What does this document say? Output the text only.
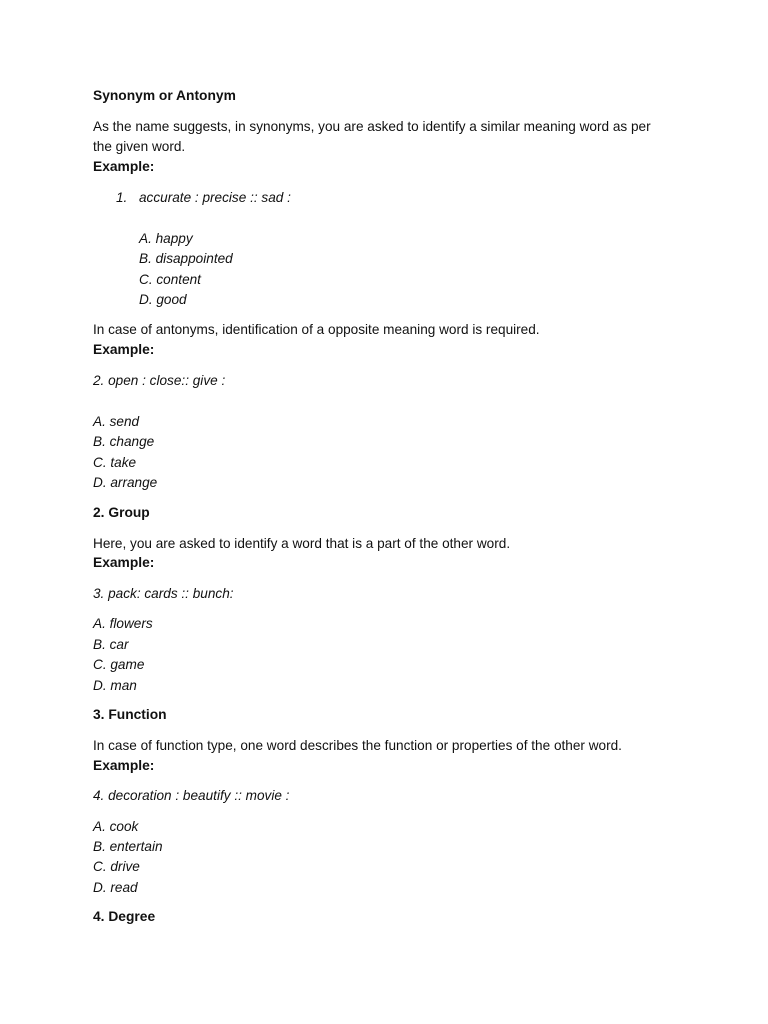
Synonym or Antonym
As the name suggests, in synonyms, you are asked to identify a similar meaning word as per
the given word.
Example:
1. accurate : precise :: sad :
A. happy
B. disappointed
C. content
D. good
In case of antonyms, identification of a opposite meaning word is required.
Example:
2. open : close:: give :
A. send
B. change
C. take
D. arrange
2. Group
Here, you are asked to identify a word that is a part of the other word.
Example:
3. pack: cards :: bunch:
A. flowers
B. car
C. game
D. man
3. Function
In case of function type, one word describes the function or properties of the other word.
Example:
4. decoration : beautify :: movie :
A. cook
B. entertain
C. drive
D. read
4. Degree
